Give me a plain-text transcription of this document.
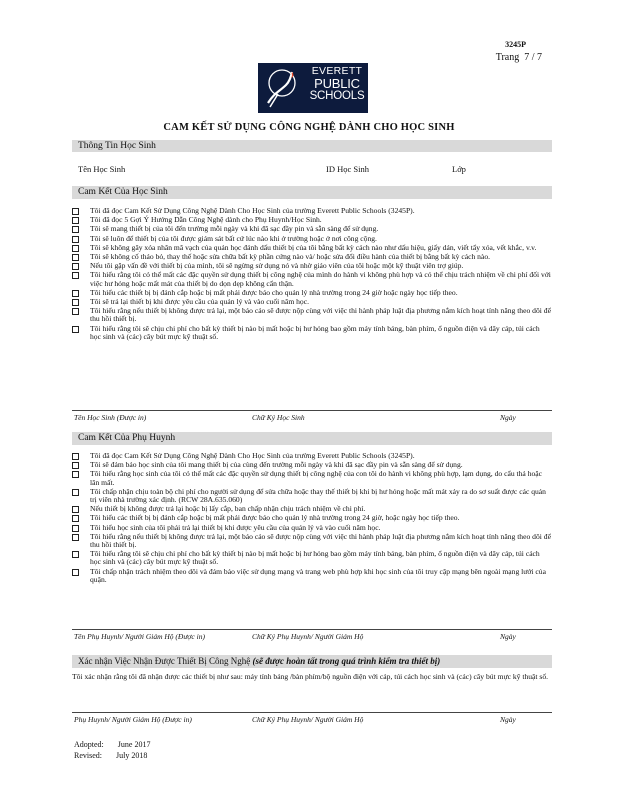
3245P
Trang 7 / 7
EVERETT
PUBLIC
SCHOOLS
CAM KẾT SỬ DỤNG CÔNG NGHỆ DÀNH CHO HỌC SINH
Thông Tin Học Sinh
Tên Học Sinh	ID Học Sinh	Lớp
Cam Kết Của Học Sinh
Tôi đã đọc Cam Kết Sử Dụng Công Nghệ Dành Cho Học Sinh của trường Everett Public Schools (3245P).
Tôi đã đọc 5 Gợi Ý Hướng Dẫn Công Nghệ dành cho Phụ Huynh/Học Sinh.
Tôi sẽ mang thiết bị của tôi đến trường mỗi ngày và khi đã sạc đầy pin và sẵn sàng để sử dụng.
Tôi sẽ luôn để thiết bị của tôi được giám sát bất cứ lúc nào khi ở trường hoặc ở nơi công cộng.
Tôi sẽ không gây xóa nhãn mã vạch của quản học đánh dấu thiết bị của tôi bằng bất kỳ cách nào như dấu hiệu, giấy dán, viết tẩy xóa, vết khắc, v.v.
Tôi sẽ không cố tháo bỏ, thay thế hoặc sửa chữa bất kỳ phần cứng nào và/ hoặc sửa đổi điều hành của thiết bị bằng bất kỳ cách nào.
Nếu tôi gặp vấn đề với thiết bị của mình, tôi sẽ ngừng sử dụng nó và nhờ giáo viên của tôi hoặc một kỹ thuật viên trợ giúp.
Tôi hiểu rằng tôi có thể mất các đặc quyền sử dụng thiết bị công nghệ của mình do hành vi không phù hợp và có thể chịu trách nhiệm về chi phí đối với việc hư hỏng hoặc mất mát của thiết bị do dọn dẹp không cẩn thận.
Tôi hiểu các thiết bị bị đánh cắp hoặc bị mất phải được báo cho quản lý nhà trường trong 24 giờ hoặc ngày học tiếp theo.
Tôi sẽ trả lại thiết bị khi được yêu cầu của quản lý và vào cuối năm học.
Tôi hiểu rằng nếu thiết bị không được trả lại, một báo cáo sẽ được nộp cùng với việc thi hành pháp luật địa phương nắm kích hoạt tính năng theo dõi để thu hồi thiết bị.
Tôi hiểu rằng tôi sẽ chịu chi phí cho bất kỳ thiết bị nào bị mất hoặc bị hư hỏng bao gồm máy tính bảng, bàn phím, ổ nguồn điện và dây cáp, túi cách học sinh và (các) cây bút mực kỹ thuật số.
Tên Học Sinh (Được in)	Chữ Ký Học Sinh	Ngày
Cam Kết Của Phụ Huynh
Tôi đã đọc Cam Kết Sử Dụng Công Nghệ Dành Cho Học Sinh của trường Everett Public Schools (3245P).
Tôi sẽ đảm bảo học sinh của tôi mang thiết bị của cùng đến trường mỗi ngày và khi đã sạc đầy pin và sẵn sàng để sử dụng.
Tôi hiểu rằng học sinh của tôi có thể mất các đặc quyền sử dụng thiết bị công nghệ của con tôi do hành vi không phù hợp, lạm dụng, do cẩu thả hoặc lãn mất.
Tôi chấp nhận chịu toàn bộ chi phí cho người sử dụng để sửa chữa hoặc thay thế thiết bị khi bị hư hỏng hoặc mất mát xảy ra do sơ suất được các quản trị viên nhà trường xác định. (RCW 28A.635.060)
Nếu thiết bị không được trả lại hoặc bị lấy cắp, ban chấp nhận chịu trách nhiệm về chi phí.
Tôi hiểu các thiết bị bị đánh cắp hoặc bị mất phải được báo cho quản lý nhà trường trong 24 giờ, hoặc ngày học tiếp theo.
Tôi hiểu học sinh của tôi phải trả lại thiết bị khi được yêu cầu của quản lý và vào cuối năm học.
Tôi hiểu rằng nếu thiết bị không được trả lại, một báo cáo sẽ được nộp cùng với việc thi hành pháp luật địa phương nắm kích hoạt tính năng theo dõi để thu hồi thiết bị.
Tôi hiểu rằng tôi sẽ chịu chi phí cho bất kỳ thiết bị nào bị mất hoặc bị hư hỏng bao gồm máy tính bảng, bàn phím, ổ nguồn điện và dây cáp, túi cách học sinh và (các) cây bút mực kỹ thuật số.
Tôi chấp nhận trách nhiệm theo dõi và đảm bảo việc sử dụng mạng và trang web phù hợp khi học sinh của tôi truy cập mạng bên ngoài mạng lưới của quận.
Tên Phụ Huynh/ Người Giám Hộ (Được in)	Chữ Ký Phụ Huynh/ Người Giám Hộ	Ngày
Xác nhận Việc Nhận Được Thiết Bị Công Nghệ (sẽ được hoàn tất trong quá trình kiểm tra thiết bị)
Tôi xác nhận rằng tôi đã nhận được các thiết bị như sau: máy tính bảng /bàn phím/bộ nguồn điện với cáp, túi cách học sinh và (các) cây bút mực kỹ thuật số.
Phụ Huynh/ Người Giám Hộ (Được in)	Chữ Ký Phụ Huynh/ Người Giám Hộ	Ngày
Adopted: June 2017
Revised: July 2018
